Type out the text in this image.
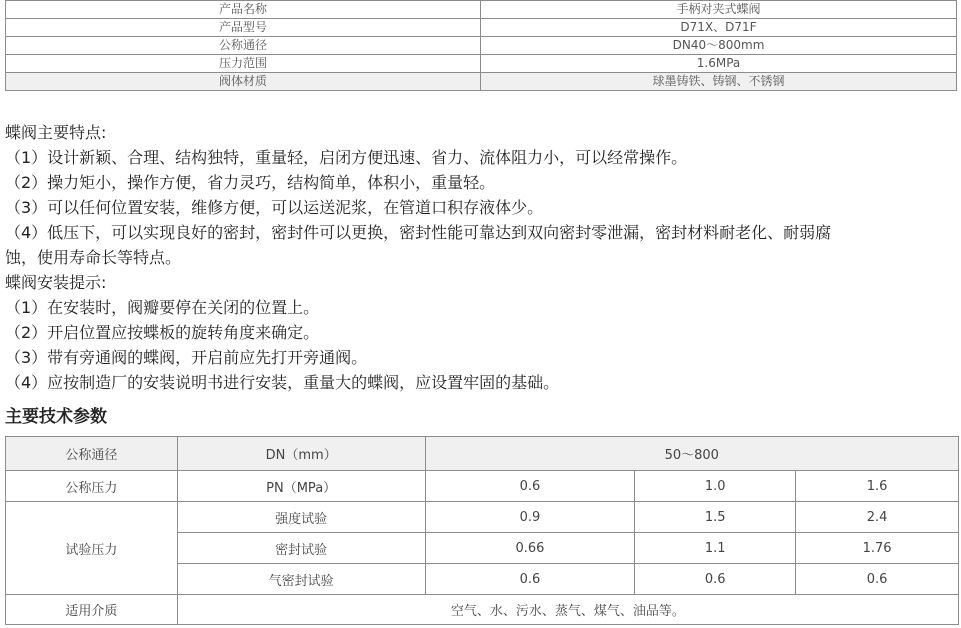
产品名称	手柄对夹式蝶阀
产品型号	D71X、D71F
公称通径	DN40～800mm
压力范围	1.6MPa
阀体材质	球墨铸铁、铸钢、不锈钢
蝶阀主要特点:
（1）设计新颖、合理、结构独特，重量轻，启闭方便迅速、省力、流体阻力小，可以经常操作。
（2）操力矩小，操作方便，省力灵巧，结构简单，体积小，重量轻。
（3）可以任何位置安装，维修方便，可以运送泥浆，在管道口积存液体少。
（4）低压下，可以实现良好的密封，密封件可以更换，密封性能可靠达到双向密封零泄漏，密封材料耐老化、耐弱腐
蚀，使用寿命长等特点。
蝶阀安装提示:
（1）在安装时，阀瓣要停在关闭的位置上。
（2）开启位置应按蝶板的旋转角度来确定。
（3）带有旁通阀的蝶阀，开启前应先打开旁通阀。
（4）应按制造厂的安装说明书进行安装，重量大的蝶阀，应设置牢固的基础。
主要技术参数
公称通径	DN（mm）	50～800		
公称压力	PN（MPa）	0.6	1.0	1.6
试验压力	强度试验	0.9	1.5	2.4
	密封试验	0.66	1.1	1.76
	气密封试验	0.6	0.6	0.6
适用介质	空气、水、污水、蒸气、煤气、油品等。			
